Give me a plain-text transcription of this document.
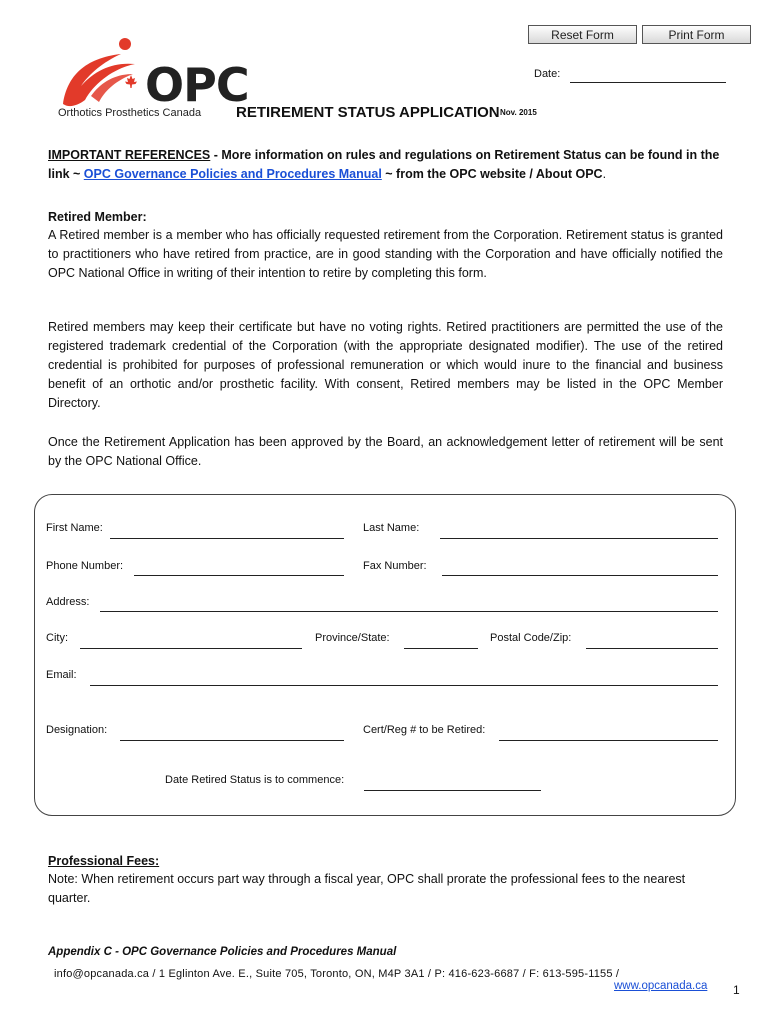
Reset Form	Print Form
OPC
Orthotics Prosthetics Canada
Date:
RETIREMENT STATUS APPLICATION Nov. 2015
IMPORTANT REFERENCES - More information on rules and regulations on Retirement Status can be found in the link ~ OPC Governance Policies and Procedures Manual ~ from the OPC website / About OPC.
Retired Member:
A Retired member is a member who has officially requested retirement from the Corporation. Retirement status is granted to practitioners who have retired from practice, are in good standing with the Corporation and have officially notified the OPC National Office in writing of their intention to retire by completing this form.
Retired members may keep their certificate but have no voting rights. Retired practitioners are permitted the use of the registered trademark credential of the Corporation (with the appropriate designated modifier). The use of the retired credential is prohibited for purposes of professional remuneration or which would inure to the financial and business benefit of an orthotic and/or prosthetic facility. With consent, Retired members may be listed in the OPC Member Directory.
Once the Retirement Application has been approved by the Board, an acknowledgement letter of retirement will be sent by the OPC National Office.
First Name:	Last Name:
Phone Number:	Fax Number:
Address:
City:	Province/State:	Postal Code/Zip:
Email:
Designation:	Cert/Reg # to be Retired:
Date Retired Status is to commence:
Professional Fees:
Note: When retirement occurs part way through a fiscal year, OPC shall prorate the professional fees to the nearest quarter.
Appendix C - OPC Governance Policies and Procedures Manual
info@opcanada.ca / 1 Eglinton Ave. E., Suite 705, Toronto, ON, M4P 3A1 / P: 416-623-6687 / F: 613-595-1155 /
www.opcanada.ca 1
